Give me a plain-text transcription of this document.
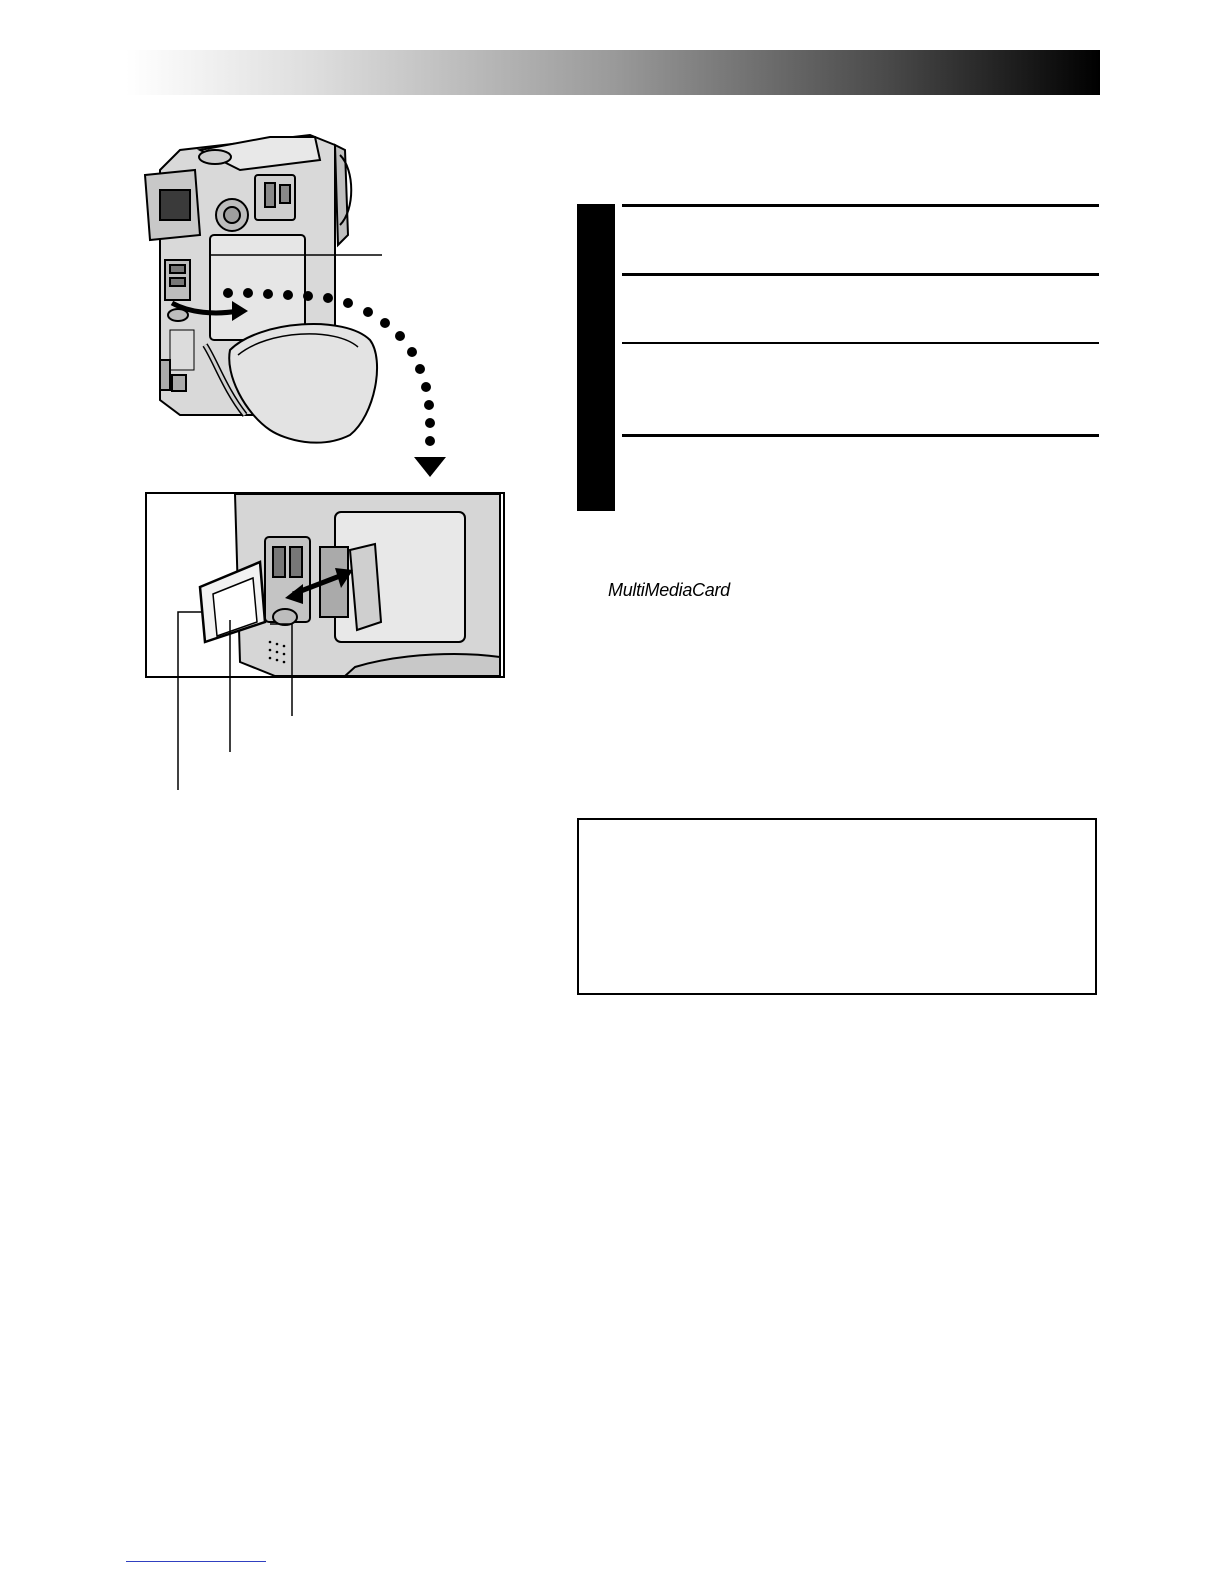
MultiMediaCard
